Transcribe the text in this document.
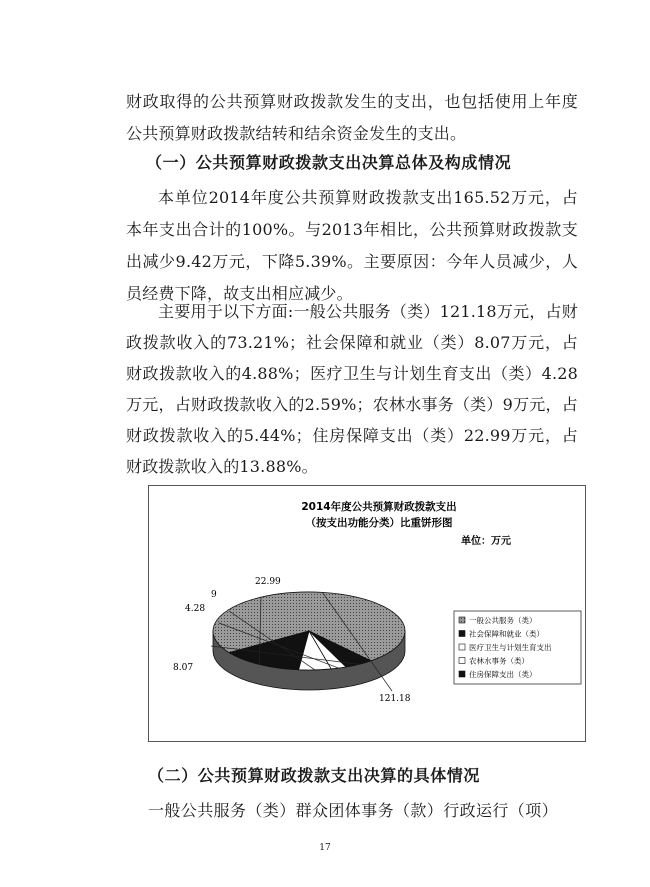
财政取得的公共预算财政拨款发生的支出，也包括使用上年度公共预算财政拨款结转和结余资金发生的支出。

（一）公共预算财政拨款支出决算总体及构成情况

本单位2014年度公共预算财政拨款支出165.52万元，占本年支出合计的100%。与2013年相比，公共预算财政拨款支出减少9.42万元，下降5.39%。主要原因：今年人员减少，人员经费下降，故支出相应减少。

主要用于以下方面:一般公共服务（类）121.18万元，占财政拨款收入的73.21%；社会保障和就业（类）8.07万元，占财政拨款收入的4.88%；医疗卫生与计划生育支出（类）4.28万元，占财政拨款收入的2.59%；农林水事务（类）9万元，占财政拨款收入的5.44%；住房保障支出（类）22.99万元，占财政拨款收入的13.88%。

2014年度公共预算财政拨款支出
（按支出功能分类）比重饼形图
单位：万元
121.18
8.07
4.28
9
22.99
一般公共服务（类）
社会保障和就业（类）
医疗卫生与计划生育支出
农林水事务（类）
住房保障支出（类）

（二）公共预算财政拨款支出决算的具体情况

一般公共服务（类）群众团体事务（款）行政运行（项）

17
